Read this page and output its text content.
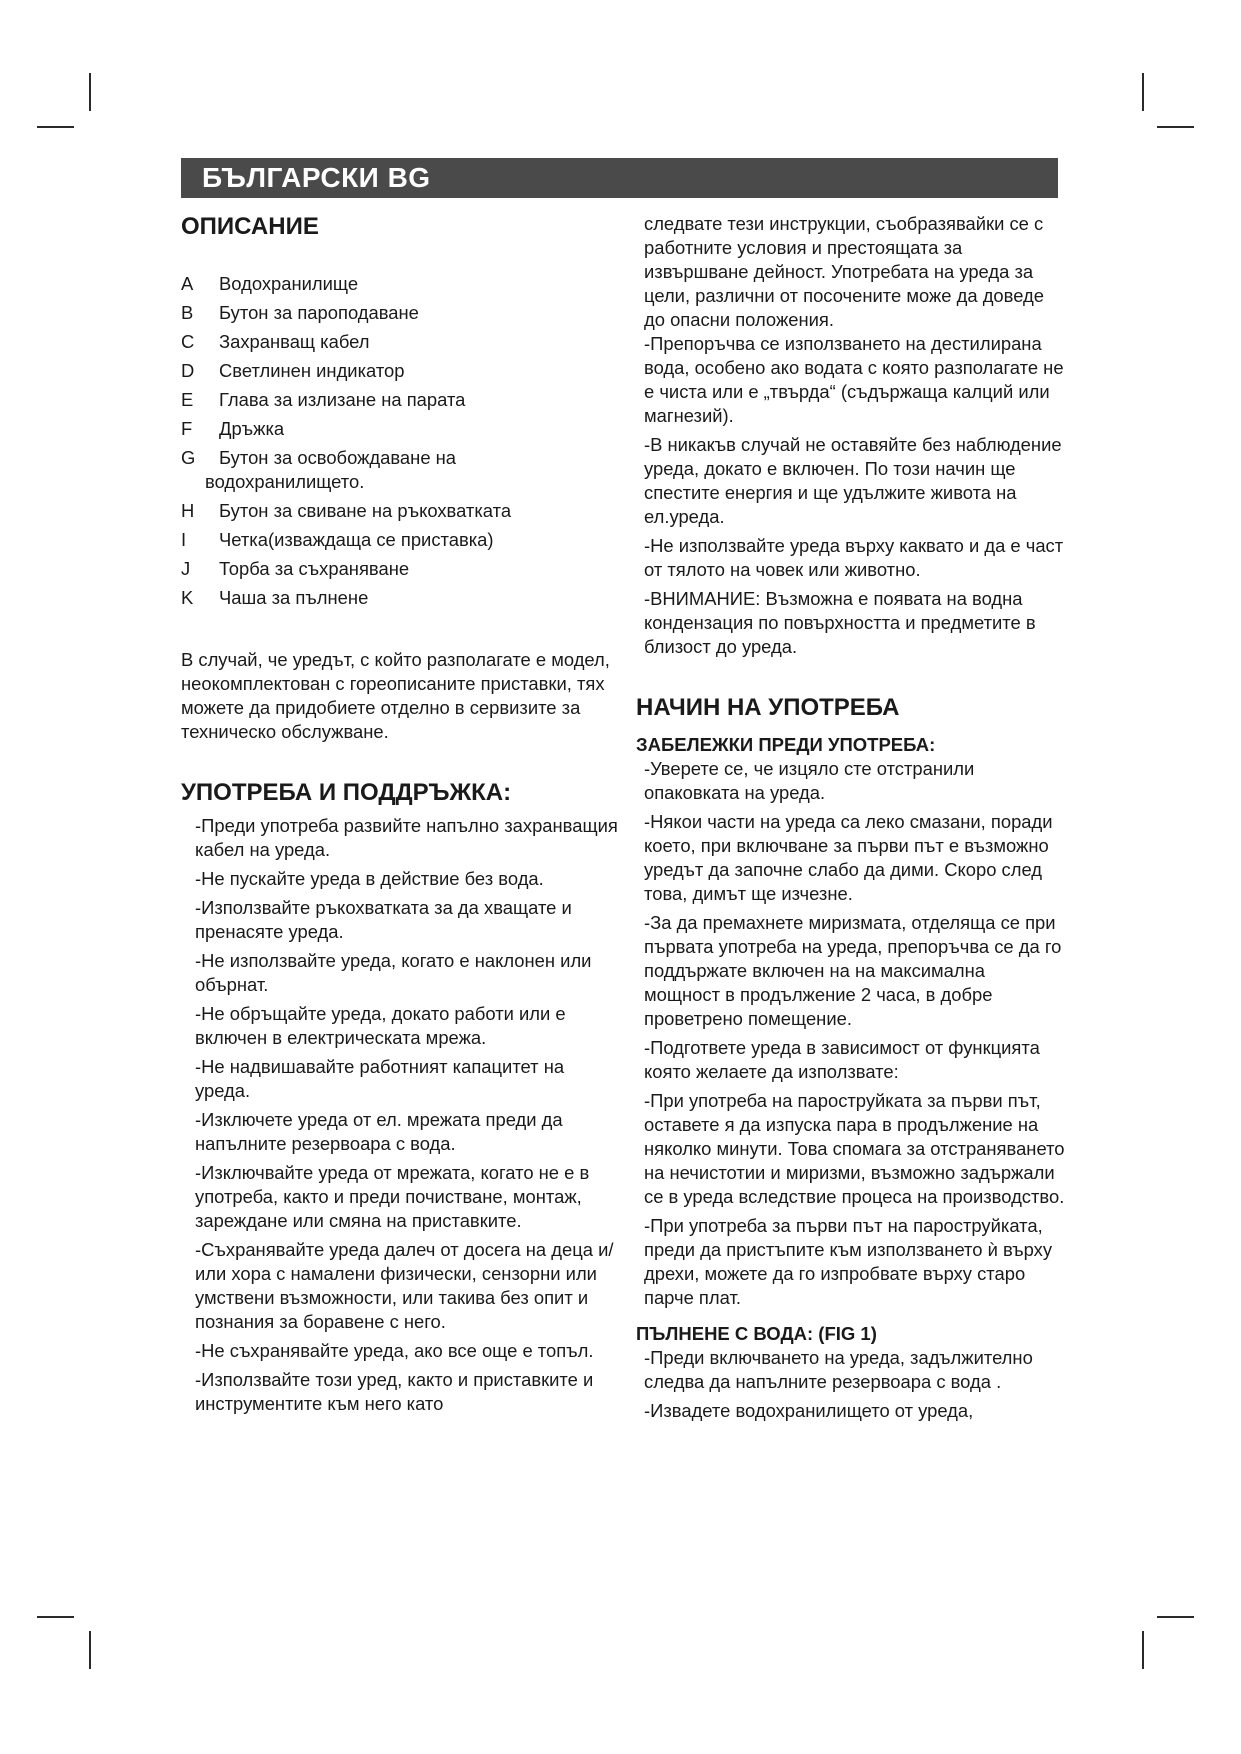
БЪЛГАРСКИ BG
ОПИСАНИЕ
A	Водохранилище
B	Бутон за пароподаване
C	Захранващ кабел
D	Светлинен индикатор
E	Глава за излизане на парата
F	Дръжка
G	Бутон за освобождаване на
водохранилището.
H	Бутон за свиване на ръкохватката
I	Четка(изваждаща се приставка)
J	Торба за съхраняване
K	Чаша за пълнене

В случай, че уредът, с който разполагате е модел, неокомплектован с гореописаните приставки, тях можете да придобиете отделно в сервизите за техническо обслужване.

УПОТРЕБА И ПОДДРЪЖКА:
-Преди употреба развийте напълно захранващия кабел на уреда.
-Не пускайте уреда в действие без вода.
-Използвайте ръкохватката за да хващате и пренасяте уреда.
-Не използвайте уреда, когато е наклонен или обърнат.
-Не обръщайте уреда, докато работи или е включен в електрическата мрежа.
-Не надвишавайте работният капацитет на уреда.
-Изключете уреда от ел. мрежата преди да напълните резервоара с вода.
-Изключвайте уреда от мрежата, когато не е в употреба, както и преди почистване, монтаж, зареждане или смяна на приставките.
-Съхранявайте уреда далеч от досега на деца и/или хора с намалени физически, сензорни или умствени възможности, или такива без опит и познания за боравене с него.
-Не съхранявайте уреда, ако все още е топъл.
-Използвайте този уред, както и приставките и инструментите към него като

следвате тези инструкции, съобразявайки се с работните условия и престоящата за извършване дейност. Употребата на уреда за цели, различни от посочените може да доведе до опасни положения.

-Препоръчва се използването на дестилирана вода, особено ако водата с която разполагате не е чиста или е „твърда“ (съдържаща калций или магнезий).
-В никакъв случай не оставяйте без наблюдение уреда, докато е включен. По този начин ще спестите енергия и ще удължите живота на ел.уреда.
-Не използвайте уреда върху каквато и да е част от тялото на човек или животно.
-ВНИМАНИЕ: Възможна е появата на водна кондензация по повърхността и предметите в близост до уреда.
НАЧИН НА УПОТРЕБА
ЗАБЕЛЕЖКИ ПРЕДИ УПОТРЕБА:
-Уверете се, че изцяло сте отстранили опаковката на уреда.
-Някои части на уреда са леко смазани, поради което, при включване за първи път е възможно уредът да започне слабо да дими. Скоро след това, димът ще изчезне.
-За да премахнете миризмата, отделяща се при първата употреба на уреда, препоръчва се да го поддържате включен на на максимална мощност в продължение 2 часа, в добре проветрено помещение.
-Подгответе уреда в зависимост от функцията която желаете да използвате:
-При употреба на пароструйката за първи път, оставете я да изпуска пара в продължение на няколко минути. Това спомага за отстраняването на нечистотии и миризми, възможно задържали се в уреда вследствие процеса на производство.
-При употреба за първи път на пароструйката, преди да пристъпите към използването ѝ върху дрехи, можете да го изпробвате върху старо парче плат.
ПЪЛНЕНЕ С ВОДА: (FIG 1)
-Преди включването на уреда, задължително следва да напълните резервоара с вода .
-Извадете водохранилището от уреда,
